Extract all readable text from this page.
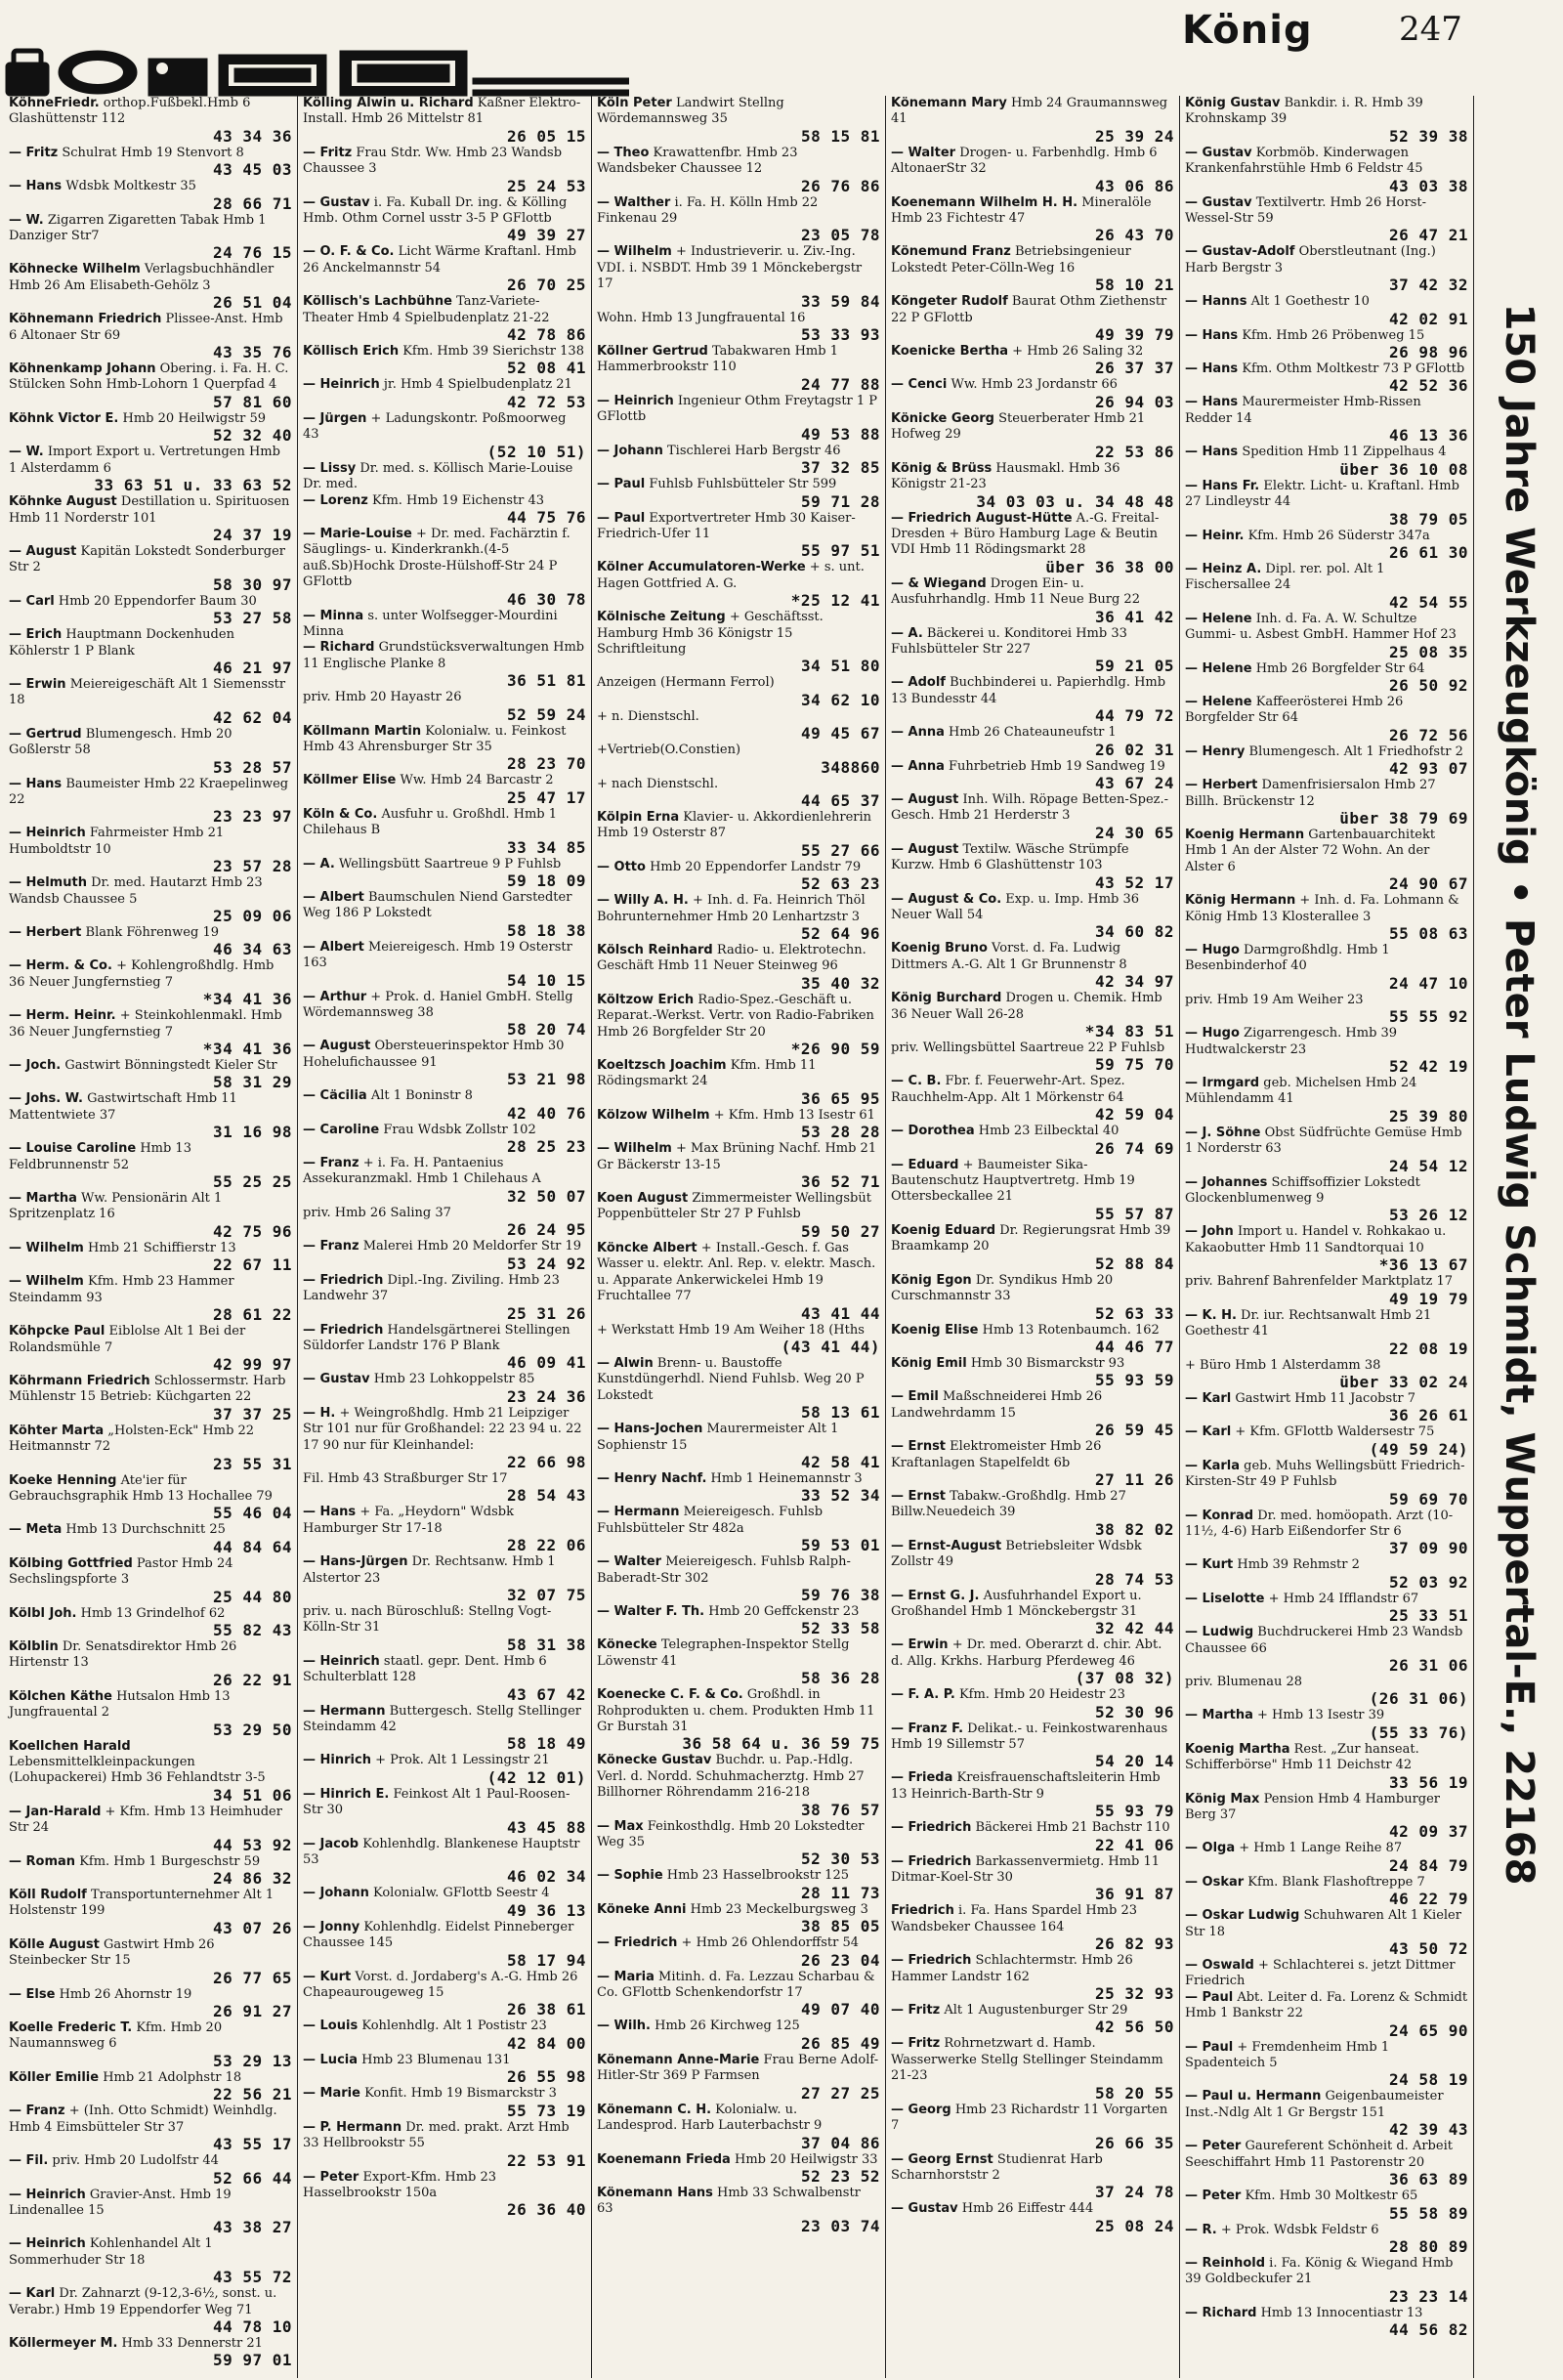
König	247

KöhneFriedr. orthop.Fußbekl.Hmb 6 Glashüttenstr 112
43 34 36

— Fritz Schulrat Hmb 19 Stenvort 8
43 45 03

— Hans Wdsbk Moltkestr 35
28 66 71

— W. Zigarren Zigaretten Tabak Hmb 1 Danziger Str7
24 76 15

Köhnecke Wilhelm Verlagsbuchhändler Hmb 26 Am Elisabeth-Gehölz 3
26 51 04

Köhnemann Friedrich Plissee-Anst. Hmb 6 Altonaer Str 69
43 35 76

Köhnenkamp Johann Obering. i. Fa. H. C. Stülcken Sohn Hmb-Lohorn 1 Querpfad 4
57 81 60

Köhnk Victor E. Hmb 20 Heilwigstr 59
52 32 40

— W. Import Export u. Vertretungen Hmb 1 Alsterdamm 6
33 63 51 u. 33 63 52

Köhnke August Destillation u. Spirituosen Hmb 11 Norderstr 101
24 37 19

— August Kapitän Lokstedt Sonderburger Str 2
58 30 97

— Carl Hmb 20 Eppendorfer Baum 30
53 27 58

— Erich Hauptmann Dockenhuden Köhlerstr 1 P Blank
46 21 97

— Erwin Meiereigeschäft Alt 1 Siemensstr 18
42 62 04

— Gertrud Blumengesch. Hmb 20 Goßlerstr 58
53 28 57

— Hans Baumeister Hmb 22 Kraepelinweg 22
23 23 97

— Heinrich Fahrmeister Hmb 21 Humboldtstr 10
23 57 28

— Helmuth Dr. med. Hautarzt Hmb 23 Wandsb Chaussee 5
25 09 06

— Herbert Blank Föhrenweg 19
46 34 63

— Herm. & Co. + Kohlengroßhdlg. Hmb 36 Neuer Jungfernstieg 7
*34 41 36

— Herm. Heinr. + Steinkohlenmakl. Hmb 36 Neuer Jungfernstieg 7
*34 41 36

— Joch. Gastwirt Bönningstedt Kieler Str
58 31 29

— Johs. W. Gastwirtschaft Hmb 11 Mattentwiete 37
31 16 98

— Louise Caroline Hmb 13 Feldbrunnenstr 52
55 25 25

— Martha Ww. Pensionärin Alt 1 Spritzenplatz 16
42 75 96

— Wilhelm Hmb 21 Schiffierstr 13
22 67 11

— Wilhelm Kfm. Hmb 23 Hammer Steindamm 93
28 61 22

Köhpcke Paul Eiblolse Alt 1 Bei der Rolandsmühle 7
42 99 97

Köhrmann Friedrich Schlossermstr. Harb Mühlenstr 15 Betrieb: Küchgarten 22
37 37 25

Köhter Marta „Holsten-Eck" Hmb 22 Heitmannstr 72
23 55 31

Koeke Henning Ate'ier für Gebrauchsgraphik Hmb 13 Hochallee 79
55 46 04

— Meta Hmb 13 Durchschnitt 25
44 84 64

Kölbing Gottfried Pastor Hmb 24 Sechslingspforte 3
25 44 80

Kölbl Joh. Hmb 13 Grindelhof 62
55 82 43

Kölblin Dr. Senatsdirektor Hmb 26 Hirtenstr 13
26 22 91

Kölchen Käthe Hutsalon Hmb 13 Jungfrauental 2
53 29 50

Koellchen Harald Lebensmittelkleinpackungen (Lohupackerei) Hmb 36 Fehlandtstr 3-5
34 51 06

— Jan-Harald + Kfm. Hmb 13 Heimhuder Str 24
44 53 92

— Roman Kfm. Hmb 1 Burgeschstr 59
24 86 32

Köll Rudolf Transportunternehmer Alt 1 Holstenstr 199
43 07 26

Kölle August Gastwirt Hmb 26 Steinbecker Str 15
26 77 65

— Else Hmb 26 Ahornstr 19
26 91 27

Koelle Frederic T. Kfm. Hmb 20 Naumannsweg 6
53 29 13

Köller Emilie Hmb 21 Adolphstr 18
22 56 21

— Franz + (Inh. Otto Schmidt) Weinhdlg. Hmb 4 Eimsbütteler Str 37
43 55 17

— Fil. priv. Hmb 20 Ludolfstr 44
52 66 44

— Heinrich Gravier-Anst. Hmb 19 Lindenallee 15
43 38 27

— Heinrich Kohlenhandel Alt 1 Sommerhuder Str 18
43 55 72

— Karl Dr. Zahnarzt (9-12,3-6½, sonst. u. Verabr.) Hmb 19 Eppendorfer Weg 71
44 78 10

Köllermeyer M. Hmb 33 Dennerstr 21
59 97 01

Kölling Alwin u. Richard Kaßner Elektro-Install. Hmb 26 Mittelstr 81
26 05 15

— Fritz Frau Stdr. Ww. Hmb 23 Wandsb Chaussee 3
25 24 53

— Gustav i. Fa. Kuball Dr. ing. & Kölling Hmb. Othm Cornel usstr 3-5 P GFlottb
49 39 27

— O. F. & Co. Licht Wärme Kraftanl. Hmb 26 Anckelmannstr 54
26 70 25

Köllisch's Lachbühne Tanz-Variete-Theater Hmb 4 Spielbudenplatz 21-22
42 78 86

Köllisch Erich Kfm. Hmb 39 Sierichstr 138
52 08 41

— Heinrich jr. Hmb 4 Spielbudenplatz 21
42 72 53

— Jürgen + Ladungskontr. Poßmoorweg 43
(52 10 51)

— Lissy Dr. med. s. Köllisch Marie-Louise Dr. med.

— Lorenz Kfm. Hmb 19 Eichenstr 43
44 75 76

— Marie-Louise + Dr. med. Fachärztin f. Säuglings- u. Kinderkrankh.(4-5 auß.Sb)Hochk Droste-Hülshoff-Str 24 P GFlottb
46 30 78

— Minna s. unter Wolfsegger-Mourdini Minna

— Richard Grundstücksverwaltungen Hmb 11 Englische Planke 8
36 51 81

priv. Hmb 20 Hayastr 26
52 59 24

Köllmann Martin Kolonialw. u. Feinkost Hmb 43 Ahrensburger Str 35
28 23 70

Köllmer Elise Ww. Hmb 24 Barcastr 2
25 47 17

Köln & Co. Ausfuhr u. Großhdl. Hmb 1 Chilehaus B
33 34 85

— A. Wellingsbütt Saartreue 9 P Fuhlsb
59 18 09

— Albert Baumschulen Niend Garstedter Weg 186 P Lokstedt
58 18 38

— Albert Meiereigesch. Hmb 19 Osterstr 163
54 10 15

— Arthur + Prok. d. Haniel GmbH. Stellg Wördemannsweg 38
58 20 74

— August Obersteuerinspektor Hmb 30 Hohelufichaussee 91
53 21 98

— Cäcilia Alt 1 Boninstr 8
42 40 76

— Caroline Frau Wdsbk Zollstr 102
28 25 23

— Franz + i. Fa. H. Pantaenius Assekuranzmakl. Hmb 1 Chilehaus A
32 50 07

priv. Hmb 26 Saling 37
26 24 95

— Franz Malerei Hmb 20 Meldorfer Str 19
53 24 92

— Friedrich Dipl.-Ing. Ziviling. Hmb 23 Landwehr 37
25 31 26

— Friedrich Handelsgärtnerei Stellingen Süldorfer Landstr 176 P Blank
46 09 41

— Gustav Hmb 23 Lohkoppelstr 85
23 24 36

— H. + Weingroßhdlg. Hmb 21 Leipziger Str 101 nur für Großhandel: 22 23 94 u. 22 17 90 nur für Kleinhandel:
22 66 98

Fil. Hmb 43 Straßburger Str 17
28 54 43

— Hans + Fa. „Heydorn" Wdsbk Hamburger Str 17-18
28 22 06

— Hans-Jürgen Dr. Rechtsanw. Hmb 1 Alstertor 23
32 07 75

priv. u. nach Büroschluß: Stellng Vogt-Kölln-Str 31
58 31 38

— Heinrich staatl. gepr. Dent. Hmb 6 Schulterblatt 128
43 67 42

— Hermann Buttergesch. Stellg Stellinger Steindamm 42
58 18 49

— Hinrich + Prok. Alt 1 Lessingstr 21
(42 12 01)

— Hinrich E. Feinkost Alt 1 Paul-Roosen-Str 30
43 45 88

— Jacob Kohlenhdlg. Blankenese Hauptstr 53
46 02 34

— Johann Kolonialw. GFlottb Seestr 4
49 36 13

— Jonny Kohlenhdlg. Eidelst Pinneberger Chaussee 145
58 17 94

— Kurt Vorst. d. Jordaberg's A.-G. Hmb 26 Chapeaurougeweg 15
26 38 61

— Louis Kohlenhdlg. Alt 1 Postistr 23
42 84 00

— Lucia Hmb 23 Blumenau 131
26 55 98

— Marie Konfit. Hmb 19 Bismarckstr 3
55 73 19

— P. Hermann Dr. med. prakt. Arzt Hmb 33 Hellbrookstr 55
22 53 91

— Peter Export-Kfm. Hmb 23 Hasselbrookstr 150a
26 36 40

Köln Peter Landwirt Stellng Wördemannsweg 35
58 15 81

— Theo Krawattenfbr. Hmb 23 Wandsbeker Chaussee 12
26 76 86

— Walther i. Fa. H. Kölln Hmb 22 Finkenau 29
23 05 78

— Wilhelm + Industrieverir. u. Ziv.-Ing. VDI. i. NSBDT. Hmb 39 1 Mönckebergstr 17
33 59 84

Wohn. Hmb 13 Jungfrauental 16
53 33 93

Köllner Gertrud Tabakwaren Hmb 1 Hammerbrookstr 110
24 77 88

— Heinrich Ingenieur Othm Freytagstr 1 P GFlottb
49 53 88

— Johann Tischlerei Harb Bergstr 46
37 32 85

— Paul Fuhlsb Fuhlsbütteler Str 599
59 71 28

— Paul Exportvertreter Hmb 30 Kaiser-Friedrich-Ufer 11
55 97 51

Kölner Accumulatoren-Werke + s. unt. Hagen Gottfried A. G.
*25 12 41

Kölnische Zeitung + Geschäftsst. Hamburg Hmb 36 Königstr 15 Schriftleitung
34 51 80

Anzeigen (Hermann Ferrol)
34 62 10

+ n. Dienstschl.
49 45 67

+Vertrieb(O.Constien)
348860

+ nach Dienstschl.
44 65 37

Kölpin Erna Klavier- u. Akkordienlehrerin Hmb 19 Osterstr 87
55 27 66

— Otto Hmb 20 Eppendorfer Landstr 79
52 63 23

— Willy A. H. + Inh. d. Fa. Heinrich Thöl Bohrunternehmer Hmb 20 Lenhartzstr 3
52 64 96

Kölsch Reinhard Radio- u. Elektrotechn. Geschäft Hmb 11 Neuer Steinweg 96
35 40 32

Költzow Erich Radio-Spez.-Geschäft u. Reparat.-Werkst. Vertr. von Radio-Fabriken Hmb 26 Borgfelder Str 20
*26 90 59

Koeltzsch Joachim Kfm. Hmb 11 Rödingsmarkt 24
36 65 95

Kölzow Wilhelm + Kfm. Hmb 13 Isestr 61
53 28 28

— Wilhelm + Max Brüning Nachf. Hmb 21 Gr Bäckerstr 13-15
36 52 71

Koen August Zimmermeister Wellingsbüt Poppenbütteler Str 27 P Fuhlsb
59 50 27

Köncke Albert + Install.-Gesch. f. Gas Wasser u. elektr. Anl. Rep. v. elektr. Masch. u. Apparate Ankerwickelei Hmb 19 Fruchtallee 77
43 41 44

+ Werkstatt Hmb 19 Am Weiher 18 (Hths
(43 41 44)

— Alwin Brenn- u. Baustoffe Kunstdüngerhdl. Niend Fuhlsb. Weg 20 P Lokstedt
58 13 61

— Hans-Jochen Maurermeister Alt 1 Sophienstr 15
42 58 41

— Henry Nachf. Hmb 1 Heinemannstr 3
33 52 34

— Hermann Meiereigesch. Fuhlsb Fuhlsbütteler Str 482a
59 53 01

— Walter Meiereigesch. Fuhlsb Ralph-Baberadt-Str 302
59 76 38

— Walter F. Th. Hmb 20 Geffckenstr 23
52 33 58

Könecke Telegraphen-Inspektor Stellg Löwenstr 41
58 36 28

Koenecke C. F. & Co. Großhdl. in Rohprodukten u. chem. Produkten Hmb 11 Gr Burstah 31
36 58 64 u. 36 59 75

Könecke Gustav Buchdr. u. Pap.-Hdlg. Verl. d. Nordd. Schuhmacherztg. Hmb 27 Billhorner Röhrendamm 216-218
38 76 57

— Max Feinkosthdlg. Hmb 20 Lokstedter Weg 35
52 30 53

— Sophie Hmb 23 Hasselbrookstr 125
28 11 73

Köneke Anni Hmb 23 Meckelburgsweg 3
38 85 05

— Friedrich + Hmb 26 Ohlendorffstr 54
26 23 04

— Maria Mitinh. d. Fa. Lezzau Scharbau & Co. GFlottb Schenkendorfstr 17
49 07 40

— Wilh. Hmb 26 Kirchweg 125
26 85 49

Könemann Anne-Marie Frau Berne Adolf-Hitler-Str 369 P Farmsen
27 27 25

Könemann C. H. Kolonialw. u. Landesprod. Harb Lauterbachstr 9
37 04 86

Koenemann Frieda Hmb 20 Heilwigstr 33
52 23 52

Könemann Hans Hmb 33 Schwalbenstr 63
23 03 74

Könemann Mary Hmb 24 Graumannsweg 41
25 39 24

— Walter Drogen- u. Farbenhdlg. Hmb 6 AltonaerStr 32
43 06 86

Koenemann Wilhelm H. H. Mineralöle Hmb 23 Fichtestr 47
26 43 70

Könemund Franz Betriebsingenieur Lokstedt Peter-Cölln-Weg 16
58 10 21

Köngeter Rudolf Baurat Othm Ziethenstr 22 P GFlottb
49 39 79

Koenicke Bertha + Hmb 26 Saling 32
26 37 37

— Cenci Ww. Hmb 23 Jordanstr 66
26 94 03

Könicke Georg Steuerberater Hmb 21 Hofweg 29
22 53 86

König & Brüss Hausmakl. Hmb 36 Königstr 21-23
34 03 03 u. 34 48 48

— Friedrich August-Hütte A.-G. Freital-Dresden + Büro Hamburg Lage & Beutin VDI Hmb 11 Rödingsmarkt 28
über 36 38 00

— & Wiegand Drogen Ein- u. Ausfuhrhandlg. Hmb 11 Neue Burg 22
36 41 42

— A. Bäckerei u. Konditorei Hmb 33 Fuhlsbütteler Str 227
59 21 05

— Adolf Buchbinderei u. Papierhdlg. Hmb 13 Bundesstr 44
44 79 72

— Anna Hmb 26 Chateauneufstr 1
26 02 31

— Anna Fuhrbetrieb Hmb 19 Sandweg 19
43 67 24

— August Inh. Wilh. Röpage Betten-Spez.-Gesch. Hmb 21 Herderstr 3
24 30 65

— August Textilw. Wäsche Strümpfe Kurzw. Hmb 6 Glashüttenstr 103
43 52 17

— August & Co. Exp. u. Imp. Hmb 36 Neuer Wall 54
34 60 82

Koenig Bruno Vorst. d. Fa. Ludwig Dittmers A.-G. Alt 1 Gr Brunnenstr 8
42 34 97

König Burchard Drogen u. Chemik. Hmb 36 Neuer Wall 26-28
*34 83 51

priv. Wellingsbüttel Saartreue 22 P Fuhlsb
59 75 70

— C. B. Fbr. f. Feuerwehr-Art. Spez. Rauchhelm-App. Alt 1 Mörkenstr 64
42 59 04

— Dorothea Hmb 23 Eilbecktal 40
26 74 69

— Eduard + Baumeister Sika-Bautenschutz Hauptvertretg. Hmb 19 Ottersbeckallee 21
55 57 87

Koenig Eduard Dr. Regierungsrat Hmb 39 Braamkamp 20
52 88 84

König Egon Dr. Syndikus Hmb 20 Curschmannstr 33
52 63 33

Koenig Elise Hmb 13 Rotenbaumch. 162
44 46 77

König Emil Hmb 30 Bismarckstr 93
55 93 59

— Emil Maßschneiderei Hmb 26 Landwehrdamm 15
26 59 45

— Ernst Elektromeister Hmb 26 Kraftanlagen Stapelfeldt 6b
27 11 26

— Ernst Tabakw.-Großhdlg. Hmb 27 Billw.Neuedeich 39
38 82 02

— Ernst-August Betriebsleiter Wdsbk Zollstr 49
28 74 53

— Ernst G. J. Ausfuhrhandel Export u. Großhandel Hmb 1 Mönckebergstr 31
32 42 44

— Erwin + Dr. med. Oberarzt d. chir. Abt. d. Allg. Krkhs. Harburg Pferdeweg 46
(37 08 32)

— F. A. P. Kfm. Hmb 20 Heidestr 23
52 30 96

— Franz F. Delikat.- u. Feinkostwarenhaus Hmb 19 Sillemstr 57
54 20 14

— Frieda Kreisfrauenschaftsleiterin Hmb 13 Heinrich-Barth-Str 9
55 93 79

— Friedrich Bäckerei Hmb 21 Bachstr 110
22 41 06

— Friedrich Barkassenvermietg. Hmb 11 Ditmar-Koel-Str 30
36 91 87

Friedrich i. Fa. Hans Spardel Hmb 23 Wandsbeker Chaussee 164
26 82 93

— Friedrich Schlachtermstr. Hmb 26 Hammer Landstr 162
25 32 93

— Fritz Alt 1 Augustenburger Str 29
42 56 50

— Fritz Rohrnetzwart d. Hamb. Wasserwerke Stellg Stellinger Steindamm 21-23
58 20 55

— Georg Hmb 23 Richardstr 11 Vorgarten 7
26 66 35

— Georg Ernst Studienrat Harb Scharnhorststr 2
37 24 78

— Gustav Hmb 26 Eiffestr 444
25 08 24

König Gustav Bankdir. i. R. Hmb 39 Krohnskamp 39
52 39 38

— Gustav Korbmöb. Kinderwagen Krankenfahrstühle Hmb 6 Feldstr 45
43 03 38

— Gustav Textilvertr. Hmb 26 Horst-Wessel-Str 59
26 47 21

— Gustav-Adolf Oberstleutnant (Ing.) Harb Bergstr 3
37 42 32

— Hanns Alt 1 Goethestr 10
42 02 91

— Hans Kfm. Hmb 26 Pröbenweg 15
26 98 96

— Hans Kfm. Othm Moltkestr 73 P GFlottb
42 52 36

— Hans Maurermeister Hmb-Rissen Redder 14
46 13 36

— Hans Spedition Hmb 11 Zippelhaus 4
über 36 10 08

— Hans Fr. Elektr. Licht- u. Kraftanl. Hmb 27 Lindleystr 44
38 79 05

— Heinr. Kfm. Hmb 26 Süderstr 347a
26 61 30

— Heinz A. Dipl. rer. pol. Alt 1 Fischersallee 24
42 54 55

— Helene Inh. d. Fa. A. W. Schultze Gummi- u. Asbest GmbH. Hammer Hof 23
25 08 35

— Helene Hmb 26 Borgfelder Str 64
26 50 92

— Helene Kaffeerösterei Hmb 26 Borgfelder Str 64
26 72 56

— Henry Blumengesch. Alt 1 Friedhofstr 2
42 93 07

— Herbert Damenfrisiersalon Hmb 27 Billh. Brückenstr 12
über 38 79 69

Koenig Hermann Gartenbauarchitekt Hmb 1 An der Alster 72 Wohn. An der Alster 6
24 90 67

König Hermann + Inh. d. Fa. Lohmann & König Hmb 13 Klosterallee 3
55 08 63

— Hugo Darmgroßhdlg. Hmb 1 Besenbinderhof 40
24 47 10

priv. Hmb 19 Am Weiher 23
55 55 92

— Hugo Zigarrengesch. Hmb 39 Hudtwalckerstr 23
52 42 19

— Irmgard geb. Michelsen Hmb 24 Mühlendamm 41
25 39 80

— J. Söhne Obst Südfrüchte Gemüse Hmb 1 Norderstr 63
24 54 12

— Johannes Schiffsoffizier Lokstedt Glockenblumenweg 9
53 26 12

— John Import u. Handel v. Rohkakao u. Kakaobutter Hmb 11 Sandtorquai 10
*36 13 67

priv. Bahrenf Bahrenfelder Marktplatz 17
49 19 79

— K. H. Dr. iur. Rechtsanwalt Hmb 21 Goethestr 41
22 08 19

+ Büro Hmb 1 Alsterdamm 38
über 33 02 24

— Karl Gastwirt Hmb 11 Jacobstr 7
36 26 61

— Karl + Kfm. GFlottb Waldersestr 75
(49 59 24)

— Karla geb. Muhs Wellingsbütt Friedrich-Kirsten-Str 49 P Fuhlsb
59 69 70

— Konrad Dr. med. homöopath. Arzt (10-11½, 4-6) Harb Eißendorfer Str 6
37 09 90

— Kurt Hmb 39 Rehmstr 2
52 03 92

— Liselotte + Hmb 24 Ifflandstr 67
25 33 51

— Ludwig Buchdruckerei Hmb 23 Wandsb Chaussee 66
26 31 06

priv. Blumenau 28
(26 31 06)

— Martha + Hmb 13 Isestr 39
(55 33 76)

Koenig Martha Rest. „Zur hanseat. Schifferbörse" Hmb 11 Deichstr 42
33 56 19

König Max Pension Hmb 4 Hamburger Berg 37
42 09 37

— Olga + Hmb 1 Lange Reihe 87
24 84 79

— Oskar Kfm. Blank Flashoftreppe 7
46 22 79

— Oskar Ludwig Schuhwaren Alt 1 Kieler Str 18
43 50 72

— Oswald + Schlachterei s. jetzt Dittmer Friedrich

— Paul Abt. Leiter d. Fa. Lorenz & Schmidt Hmb 1 Bankstr 22
24 65 90

— Paul + Fremdenheim Hmb 1 Spadenteich 5
24 58 19

— Paul u. Hermann Geigenbaumeister Inst.-Ndlg Alt 1 Gr Bergstr 151
42 39 43

— Peter Gaureferent Schönheit d. Arbeit Seeschiffahrt Hmb 11 Pastorenstr 20
36 63 89

— Peter Kfm. Hmb 30 Moltkestr 65
55 58 89

— R. + Prok. Wdsbk Feldstr 6
28 80 89

— Reinhold i. Fa. König & Wiegand Hmb 39 Goldbeckufer 21
23 23 14

— Richard Hmb 13 Innocentiastr 13
44 56 82

150 Jahre Werkzeugkönig • Peter Ludwig Schmidt, Wuppertal-E., 22168
